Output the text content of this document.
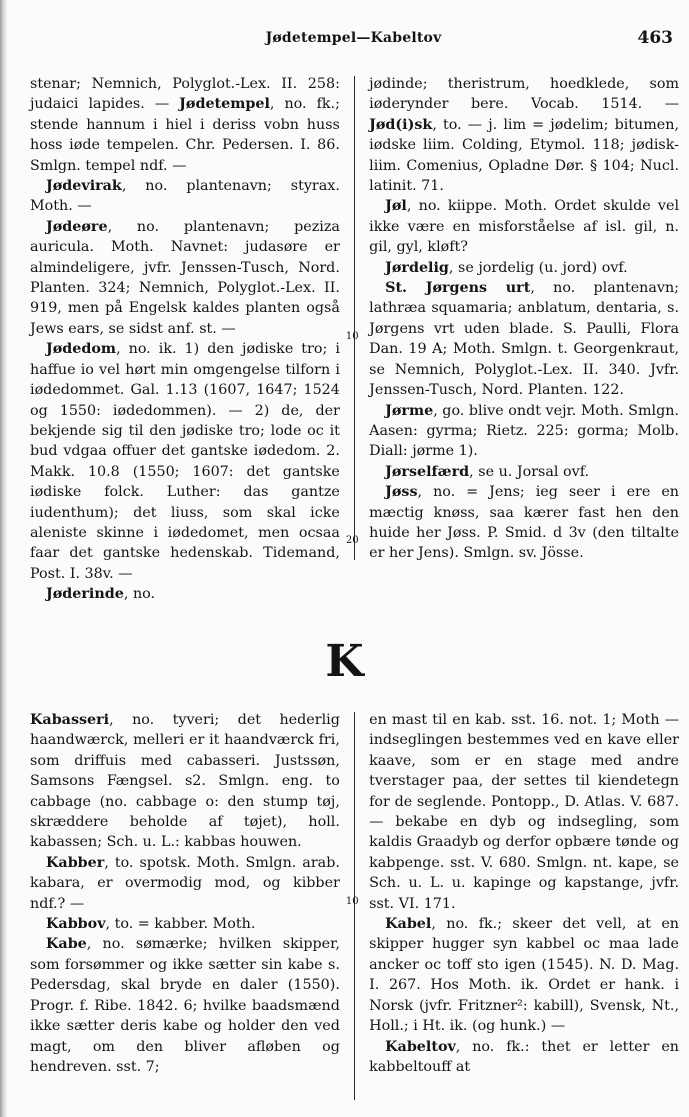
Jødetempel—Kabeltov	463

stenar; Nemnich, Polyglot.-Lex. II. 258: judaici lapides. — Jødetempel, no. fk.; stende hannum i hiel i deriss vobn huss hoss iøde tempelen. Chr. Pedersen. I. 86. Smlgn. tempel ndf. —

Jødevirak, no. plantenavn; styrax. Moth. —

Jødeøre, no. plantenavn; peziza auricula. Moth. Navnet: judasøre er almindeligere, jvfr. Jenssen-Tusch, Nord. Planten. 324; Nemnich, Polyglot.-Lex. II. 919, men på Engelsk kaldes planten også Jews ears, se sidst anf. st. —

Jødedom, no. ik. 1) den jødiske tro; i haffue io vel hørt min omgengelse tilforn i iødedommet. Gal. 1.13 (1607, 1647; 1524 og 1550: iødedommen). — 2) de, der bekjende sig til den jødiske tro; lode oc it bud vdgaa offuer det gantske iødedom. 2. Makk. 10.8 (1550; 1607: det gantske iødiske folck. Luther: das gantze iudenthum); det liuss, som skal icke aleniste skinne i iødedomet, men ocsaa faar det gantske hedenskab. Tidemand, Post. I. 38v. —

Jøderinde, no.

10
20

jødinde; theristrum, hoedklede, som iøderynder bere. Vocab. 1514. — Jød(i)sk, to. — j. lim = jødelim; bitumen, iødske liim. Colding, Etymol. 118; jødisk-liim. Comenius, Opladne Dør. § 104; Nucl. latinit. 71.

Jøl, no. kiippe. Moth. Ordet skulde vel ikke være en misforståelse af isl. gil, n. gil, gyl, kløft?

Jørdelig, se jordelig (u. jord) ovf.

St. Jørgens urt, no. plantenavn; lathræa squamaria; anblatum, dentaria, s. Jørgens vrt uden blade. S. Paulli, Flora Dan. 19 A; Moth. Smlgn. t. Georgenkraut, se Nemnich, Polyglot.-Lex. II. 340. Jvfr. Jenssen-Tusch, Nord. Planten. 122.

Jørme, go. blive ondt vejr. Moth. Smlgn. Aasen: gyrma; Rietz. 225: gorma; Molb. Diall: jørme 1).

Jørselfærd, se u. Jorsal ovf.

Jøss, no. = Jens; ieg seer i ere en mæctig knøss, saa kærer fast hen den huide her Jøss. P. Smid. d 3v (den tiltalte er her Jens). Smlgn. sv. Jösse.

K

Kabasseri, no. tyveri; det hederlig haandwærck, melleri er it haandværck fri, som driffuis med cabasseri. Justssøn, Samsons Fængsel. s2. Smlgn. eng. to cabbage (no. cabbage o: den stump tøj, skræddere beholde af tøjet), holl. kabassen; Sch. u. L.: kabbas houwen.

Kabber, to. spotsk. Moth. Smlgn. arab. kabara, er overmodig mod, og kibber ndf.? —

Kabbov, to. = kabber. Moth.

Kabe, no. sømærke; hvilken skipper, som forsømmer og ikke sætter sin kabe s. Pedersdag, skal bryde en daler (1550). Progr. f. Ribe. 1842. 6; hvilke baadsmænd ikke sætter deris kabe og holder den ved magt, om den bliver afløben og hendreven. sst. 7;

10

en mast til en kab. sst. 16. not. 1; Moth — indseglingen bestemmes ved en kave eller kaave, som er en stage med andre tverstager paa, der settes til kiendetegn for de seglende. Pontopp., D. Atlas. V. 687. — bekabe en dyb og indsegling, som kaldis Graadyb og derfor opbære tønde og kabpenge. sst. V. 680. Smlgn. nt. kape, se Sch. u. L. u. kapinge og kapstange, jvfr. sst. VI. 171.

Kabel, no. fk.; skeer det vell, at en skipper hugger syn kabbel oc maa lade ancker oc toff sto igen (1545). N. D. Mag. I. 267. Hos Moth. ik. Ordet er hank. i Norsk (jvfr. Fritzner²: kabill), Svensk, Nt., Holl.; i Ht. ik. (og hunk.) —

Kabeltov, no. fk.: thet er letter en kabbeltouff at
